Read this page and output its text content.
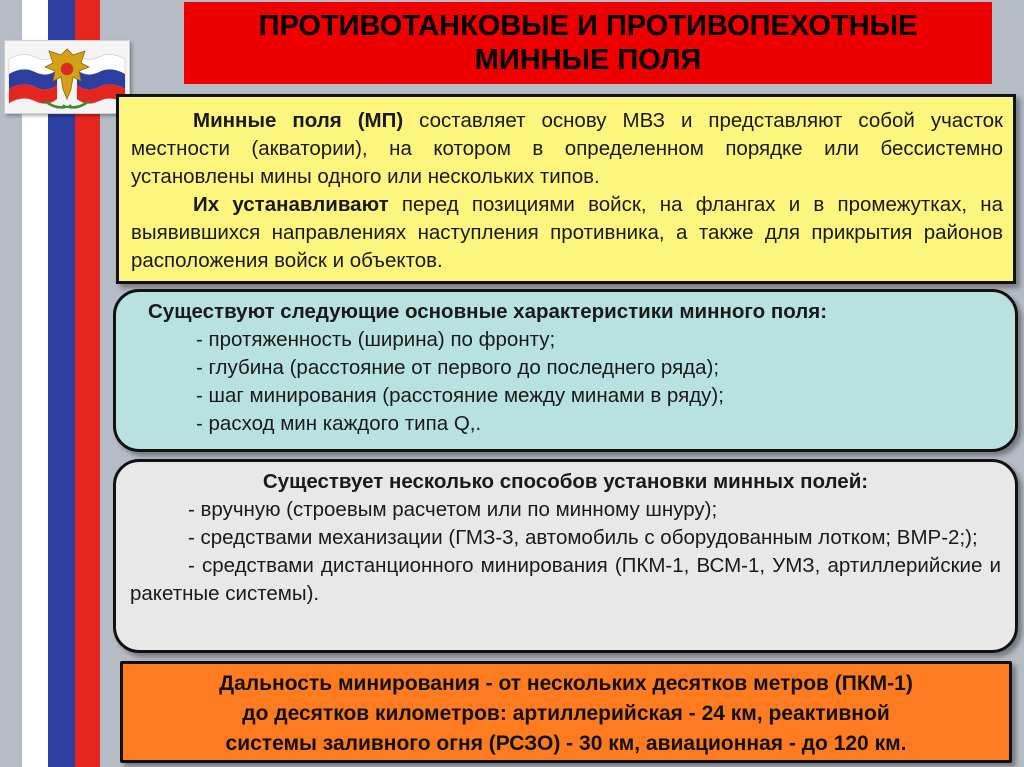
ПРОТИВОТАНКОВЫЕ И ПРОТИВОПЕХОТНЫЕ
МИННЫЕ ПОЛЯ

Минные поля (МП) составляет основу МВЗ и представляют собой участок местности (акватории), на котором в определенном порядке или бессистемно установлены мины одного или нескольких типов.

Их устанавливают перед позициями войск, на флангах и в промежутках, на выявившихся направлениях наступления противника, а также для прикрытия районов расположения войск и объектов.

Существуют следующие основные характеристики минного поля:

- протяженность (ширина) по фронту;

- глубина (расстояние от первого до последнего ряда);

- шаг минирования (расстояние между минами в ряду);

- расход мин каждого типа Q,.

Существует несколько способов установки минных полей:

- вручную (строевым расчетом или по минному шнуру);

- средствами механизации (ГМЗ-3, автомобиль с оборудованным лотком; ВМР-2;);

- средствами дистанционного минирования (ПКМ-1, ВСМ-1, УМЗ, артиллерийские и ракетные системы).

Дальность минирования - от нескольких десятков метров (ПКМ-1)
до десятков километров: артиллерийская - 24 км, реактивной
системы заливного огня (РСЗО) - 30 км, авиационная - до 120 км.
